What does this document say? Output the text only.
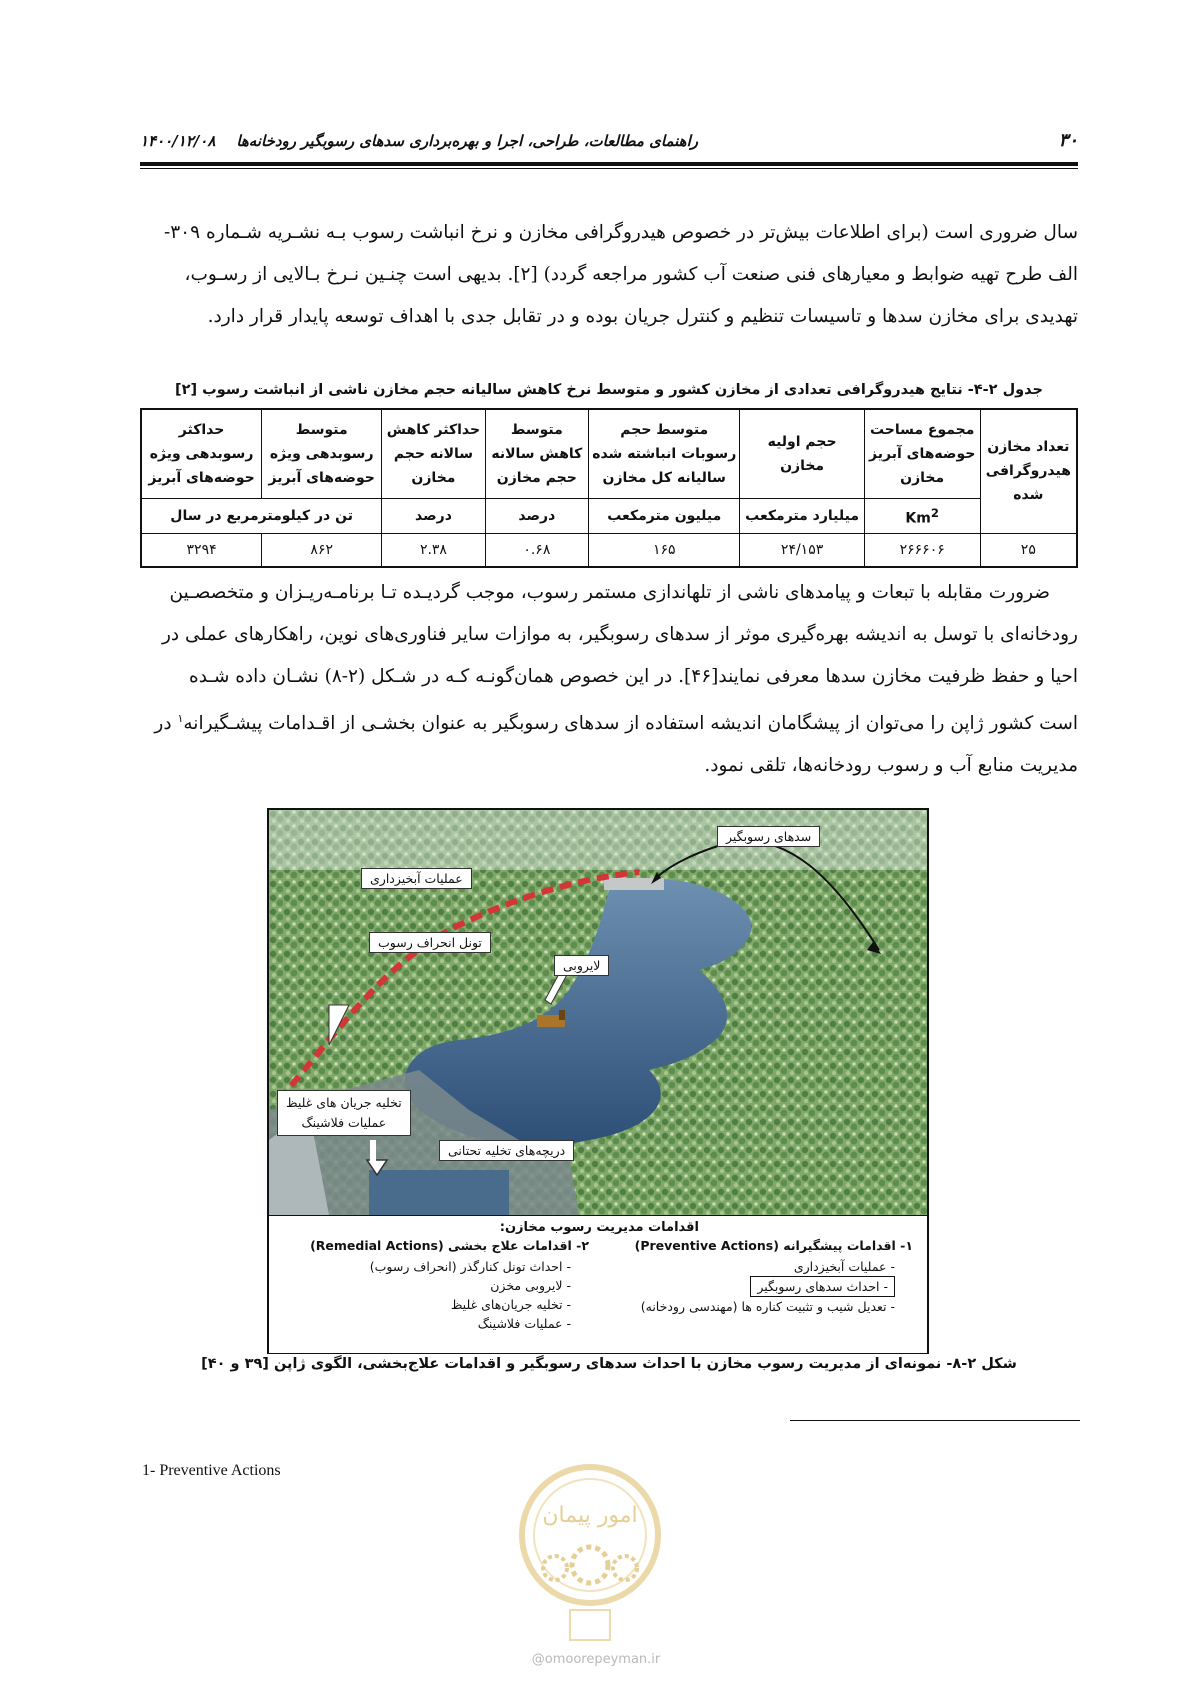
۳۰
راهنمای مطالعات، طراحی، اجرا و بهره‌برداری سدهای رسوبگیر رودخانه‌ها    ۱۴۰۰/۱۲/۰۸

سال ضروری است (برای اطلاعات بیش‌تر در خصوص هیدروگرافی مخازن و نرخ انباشت رسوب بـه نشـریه شـماره ۳۰۹-

الف طرح تهیه ضوابط و معیارهای فنی صنعت آب کشور مراجعه گردد) [۲]. بدیهی است چنـین نـرخ بـالایی از رسـوب،

تهدیدی برای مخازن سدها و تاسیسات تنظیم و کنترل جریان بوده و در تقابل جدی با اهداف توسعه پایدار قرار دارد.

جدول ۲-۴- نتایج هیدروگرافی تعدادی از مخازن کشور و متوسط نرخ کاهش سالیانه حجم مخازن ناشی از انباشت رسوب [۲]
تعداد مخازن هیدروگرافی شده	مجموع مساحت حوضه‌های آبریز مخازن	حجم اولیه مخازن	متوسط حجم رسوبات انباشته شده سالیانه کل مخازن	متوسط کاهش سالانه حجم مخازن	حداکثر کاهش سالانه حجم مخازن	متوسط رسوبدهی ویژه حوضه‌های آبریز	حداکثر رسوبدهی ویژه حوضه‌های آبریز
	Km$^2$	میلیارد مترمکعب	میلیون مترمکعب	درصد	درصد	تن در کیلومترمربع در سال	
۲۵	۲۶۶۶۰۶	۲۴/۱۵۳	۱۶۵	۰.۶۸	۲.۳۸	۸۶۲	۳۲۹۴

ضرورت مقابله با تبعات و پیامدهای ناشی از تلهاندازی مستمر رسوب، موجب گردیـده تـا برنامـه‌ریـزان و متخصصـین

رودخانه‌ای با توسل به اندیشه بهره‌گیری موثر از سدهای رسوبگیر، به موازات سایر فناوری‌های نوین، راهکارهای عملی در

احیا و حفظ ظرفیت مخازن سدها معرفی نمایند[۴۶]. در این خصوص همان‌گونـه کـه در شـکل (۲-۸) نشـان داده شـده

است کشور ژاپن را می‌توان از پیشگامان اندیشه استفاده از سدهای رسوبگیر به عنوان بخشـی از اقـدامات پیشـگیرانه$^۱$ در

مدیریت منابع آب و رسوب رودخانه‌ها، تلقی نمود.

سدهای رسوبگیر
عملیات آبخیزداری
تونل انحراف رسوب
لایروبی
تخلیه جریان های غلیظ
عملیات فلاشینگ
دریچه‌های تخلیه تحتانی
اقدامات مدیریت رسوب مخازن:
۱- اقدامات پیشگیرانه (Preventive Actions)
- عملیات آبخیزداری
- احداث سدهای رسوبگیر
- تعدیل شیب و تثبیت کناره ها (مهندسی رودخانه)
۲- اقدامات علاج بخشی (Remedial Actions)
- احداث تونل کنارگذر (انحراف رسوب)
- لایروبی مخزن
- تخلیه جریان‌های غلیظ
- عملیات فلاشینگ
شکل ۲-۸- نمونه‌ای از مدیریت رسوب مخازن با احداث سدهای رسوبگیر و اقدامات علاج‌بخشی، الگوی ژاپن [۳۹ و ۴۰]
1- Preventive Actions
امور پیمان
@omoorepeyman.ir
